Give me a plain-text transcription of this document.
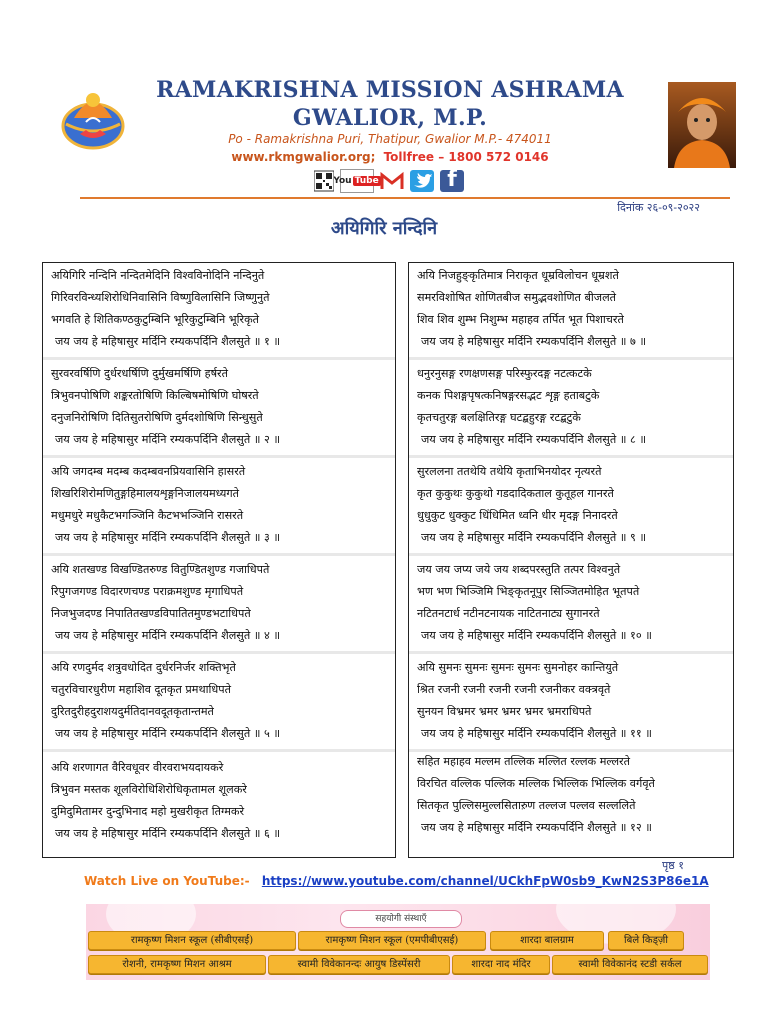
RAMAKRISHNA MISSION ASHRAMA
GWALIOR, M.P.
Po - Ramakrishna Puri, Thatipur, Gwalior M.P.- 474011
www.rkmgwalior.org; Tollfree – 1800 572 0146
You Tube	f
दिनांक २६-०९-२०२२
अयिगिरि नन्दिनि
अयिगिरि नन्दिनि नन्दितमेदिनि विश्वविनोदिनि नन्दिनुते
गिरिवरविन्ध्यशिरोधिनिवासिनि विष्णुविलासिनि जिष्णुनुते
भगवति हे शितिकण्ठकुटुम्बिनि भूरिकुटुम्बिनि भूरिकृते
जय जय हे महिषासुर मर्दिनि रम्यकपर्दिनि शैलसुते ॥ १ ॥
सुरवरवर्षिणि दुर्धरधर्षिणि दुर्मुखमर्षिणि हर्षरते
त्रिभुवनपोषिणि शङ्करतोषिणि किल्बिषमोषिणि घोषरते
दनुजनिरोषिणि दितिसुतरोषिणि दुर्मदशोषिणि सिन्धुसुते
जय जय हे महिषासुर मर्दिनि रम्यकपर्दिनि शैलसुते ॥ २ ॥
अयि जगदम्ब मदम्ब कदम्बवनप्रियवासिनि हासरते
शिखरिशिरोमणितुङ्गहिमालयशृङ्गनिजालयमध्यगते
मधुमधुरे मधुकैटभगञ्जिनि कैटभभञ्जिनि रासरते
जय जय हे महिषासुर मर्दिनि रम्यकपर्दिनि शैलसुते ॥ ३ ॥
अयि शतखण्ड विखण्डितरुण्ड वितुण्डितशुण्ड गजाधिपते
रिपुगजगण्ड विदारणचण्ड पराक्रमशुण्ड मृगाधिपते
निजभुजदण्ड निपातितखण्डविपातितमुण्डभटाधिपते
जय जय हे महिषासुर मर्दिनि रम्यकपर्दिनि शैलसुते ॥ ४ ॥
अयि रणदुर्मद शत्रुवधोदित दुर्धरनिर्जर शक्तिभृते
चतुरविचारधुरीण महाशिव दूतकृत प्रमथाधिपते
दुरितदुरीहदुराशयदुर्मतिदानवदूतकृतान्तमते
जय जय हे महिषासुर मर्दिनि रम्यकपर्दिनि शैलसुते ॥ ५ ॥
अयि शरणागत वैरिवधूवर वीरवराभयदायकरे
त्रिभुवन मस्तक शूलविरोधिशिरोधिकृतामल शूलकरे
दुमिदुमितामर दुन्दुभिनाद महो मुखरीकृत तिग्मकरे
जय जय हे महिषासुर मर्दिनि रम्यकपर्दिनि शैलसुते ॥ ६ ॥
अयि निजहुङ्कृतिमात्र निराकृत धूम्रविलोचन धूम्रशते
समरविशोषित शोणितबीज समुद्भवशोणित बीजलते
शिव शिव शुम्भ निशुम्भ महाहव तर्पित भूत पिशाचरते
जय जय हे महिषासुर मर्दिनि रम्यकपर्दिनि शैलसुते ॥ ७ ॥
धनुरनुसङ्ग रणक्षणसङ्ग परिस्फुरदङ्ग नटत्कटके
कनक पिशङ्गपृषत्कनिषङ्गरसद्भट शृङ्ग हताबटुके
कृतचतुरङ्ग बलक्षितिरङ्ग घटद्बहुरङ्ग रटद्बटुके
जय जय हे महिषासुर मर्दिनि रम्यकपर्दिनि शैलसुते ॥ ८ ॥
सुरललना ततथेयि तथेयि कृताभिनयोदर नृत्यरते
कृत कुकुथः कुकुथो गडदादिकताल कुतूहल गानरते
धुधुकुट धुक्कुट धिंधिमित ध्वनि धीर मृदङ्ग निनादरते
जय जय हे महिषासुर मर्दिनि रम्यकपर्दिनि शैलसुते ॥ ९ ॥
जय जय जप्य जये जय शब्दपरस्तुति तत्पर विश्वनुते
भण भण भिञ्जिमि भिङ्कृतनूपुर सिञ्जितमोहित भूतपते
नटितनटार्ध नटीनटनायक नाटितनाट्य सुगानरते
जय जय हे महिषासुर मर्दिनि रम्यकपर्दिनि शैलसुते ॥ १० ॥
अयि सुमनः सुमनः सुमनः सुमनः सुमनोहर कान्तियुते
श्रित रजनी रजनी रजनी रजनी रजनीकर वक्त्रवृते
सुनयन विभ्रमर भ्रमर भ्रमर भ्रमर भ्रमराधिपते
जय जय हे महिषासुर मर्दिनि रम्यकपर्दिनि शैलसुते ॥ ११ ॥
सहित महाहव मल्लम तल्लिक मल्लित रल्लक मल्लरते
विरचित वल्लिक पल्लिक मल्लिक भिल्लिक भिल्लिक वर्गवृते
सितकृत पुल्लिसमुल्लसिताऱुण तल्लज पल्लव सल्ललिते
जय जय हे महिषासुर मर्दिनि रम्यकपर्दिनि शैलसुते ॥ १२ ॥
पृष्ठ १
Watch Live on YouTube:- https://www.youtube.com/channel/UCkhFpW0sb9_KwN2S3P86e1A
सहयोगी संस्थाएँ
रामकृष्ण मिशन स्कूल (सीबीएसई)	रामकृष्ण मिशन स्कूल (एमपीबीएसई)	शारदा बालग्राम	बिले किड्ज़ी
रोशनी, रामकृष्ण मिशन आश्रम	स्वामी विवेकानन्दः आयुष डिस्पेंसरी	शारदा नाद मंदिर	स्वामी विवेकानंद स्टडी सर्कल
